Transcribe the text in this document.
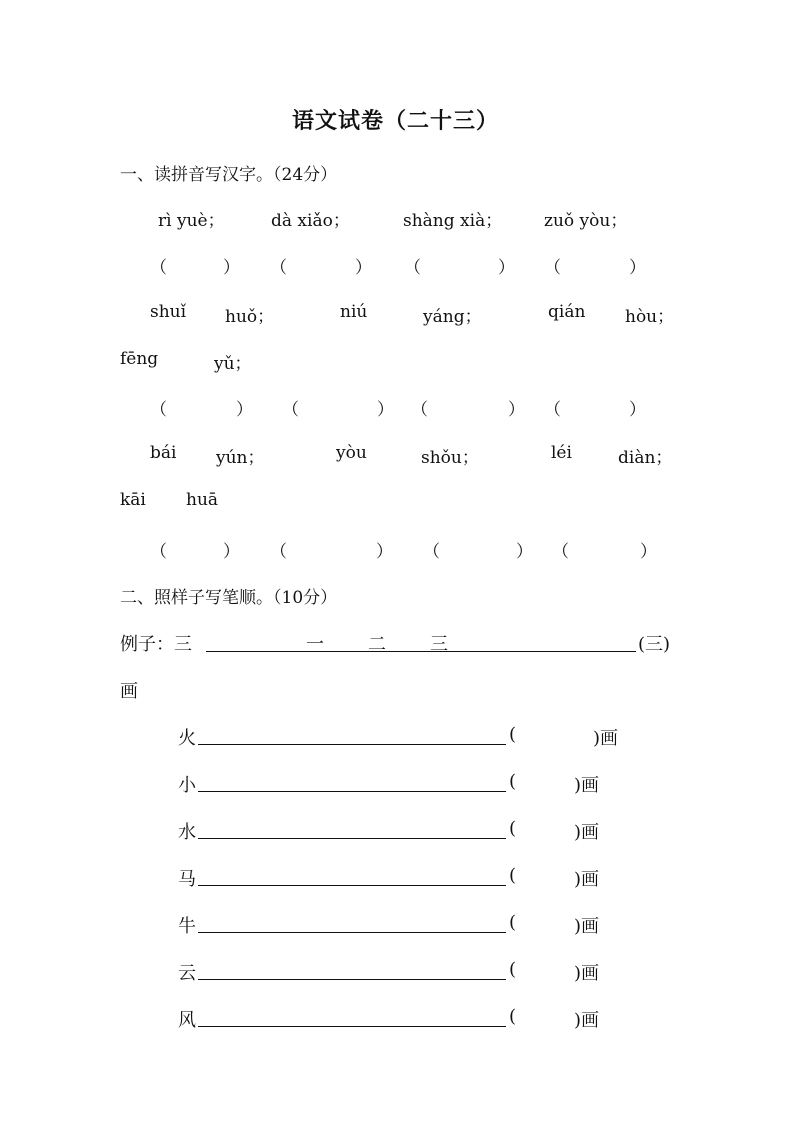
语文试卷（二十三）
一、读拼音写汉字。（24分）
rì yuè；	dà xiǎo；	shàng xià； zuǒ yòu；
（	） （	） （	） （	）
shuǐ huǒ；	niú	yáng；	qián hòu；
fēng	yǔ；
（	） （	） （	） （	）
bái yún；	yòu	shǒu；	léi	diàn；
kāi huā
（	） （	） （	） （	）
二、照样子写笔顺。（10分）
例子：三	一 二 三	(三)
画
火	(	)画
小	(	)画
水	(	)画
马	(	)画
牛	(	)画
云	(	)画
风	(	)画
